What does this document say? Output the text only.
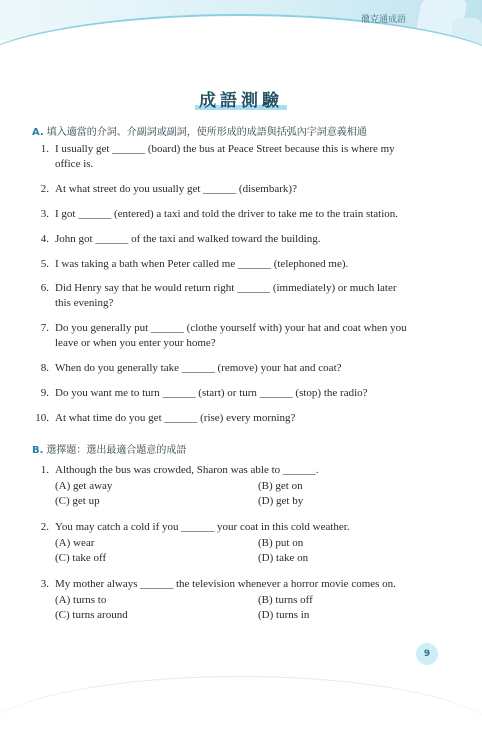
徹克通成語
成語測驗
A. 填入適當的介詞、介副詞或副詞，使所形成的成語與括弧內字詞意義相通
1. I usually get ______ (board) the bus at Peace Street because this is where my
office is.
2. At what street do you usually get ______ (disembark)?
3. I got ______ (entered) a taxi and told the driver to take me to the train station.
4. John got ______ of the taxi and walked toward the building.
5. I was taking a bath when Peter called me ______ (telephoned me).
6. Did Henry say that he would return right ______ (immediately) or much later
this evening?
7. Do you generally put ______ (clothe yourself with) your hat and coat when you
leave or when you enter your home?
8. When do you generally take ______ (remove) your hat and coat?
9. Do you want me to turn ______ (start) or turn ______ (stop) the radio?
10. At what time do you get ______ (rise) every morning?
B. 選擇題：選出最適合題意的成語
1. Although the bus was crowded, Sharon was able to ______.
(A) get away	(B) get on
(C) get up	(D) get by
2. You may catch a cold if you ______ your coat in this cold weather.
(A) wear	(B) put on
(C) take off	(D) take on
3. My mother always ______ the television whenever a horror movie comes on.
(A) turns to	(B) turns off
(C) turns around	(D) turns in
9
